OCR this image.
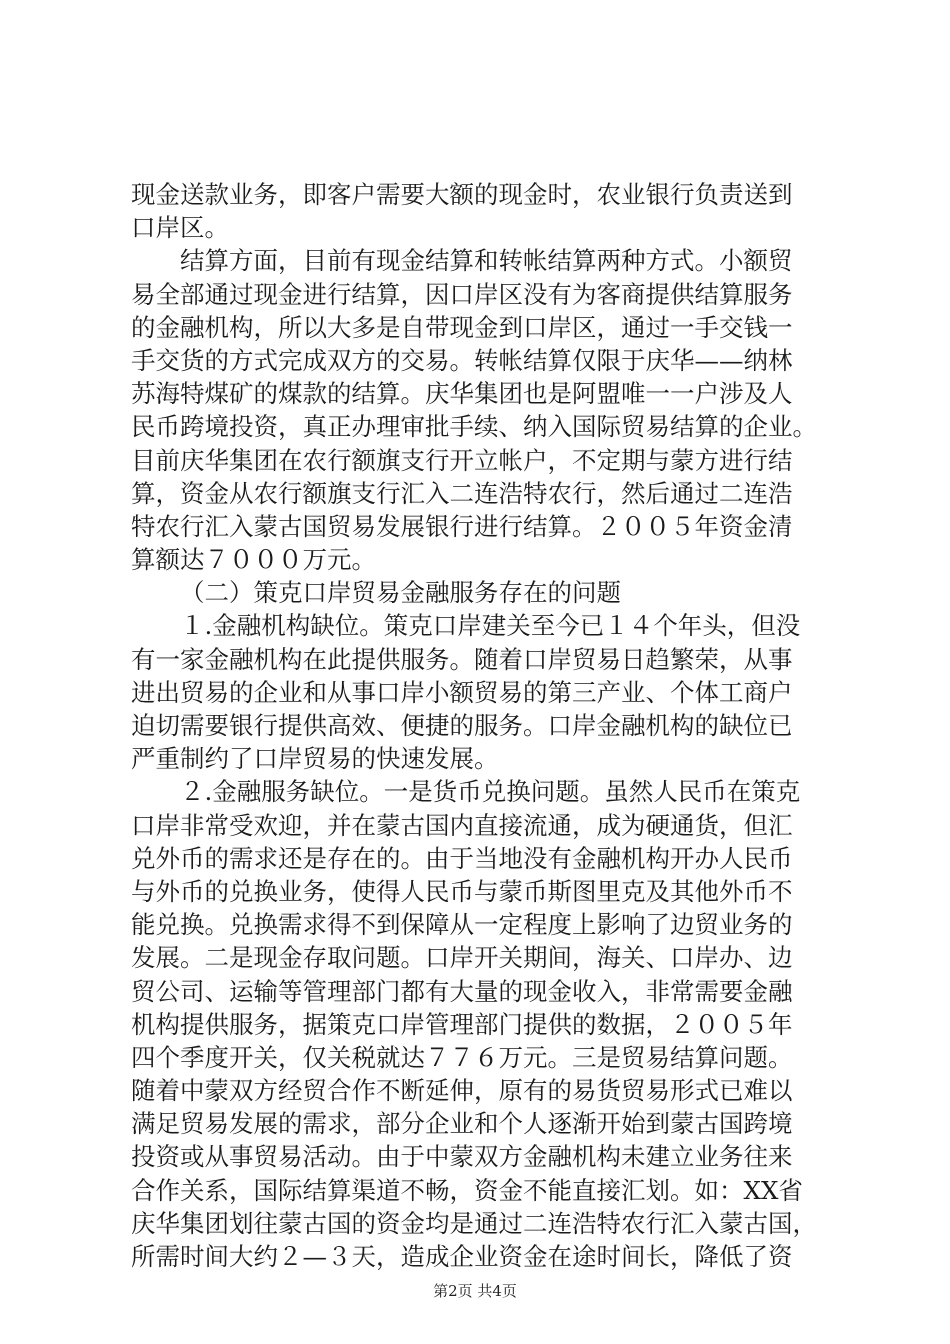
现金送款业务，即客户需要大额的现金时，农业银行负责送到
口岸区。
结算方面，目前有现金结算和转帐结算两种方式。小额贸
易全部通过现金进行结算，因口岸区没有为客商提供结算服务
的金融机构，所以大多是自带现金到口岸区，通过一手交钱一
手交货的方式完成双方的交易。转帐结算仅限于庆华——纳林
苏海特煤矿的煤款的结算。庆华集团也是阿盟唯一一户涉及人
民币跨境投资，真正办理审批手续、纳入国际贸易结算的企业。
目前庆华集团在农行额旗支行开立帐户，不定期与蒙方进行结
算，资金从农行额旗支行汇入二连浩特农行，然后通过二连浩
特农行汇入蒙古国贸易发展银行进行结算。２００５年资金清
算额达７０００万元。
（二）策克口岸贸易金融服务存在的问题
１.金融机构缺位。策克口岸建关至今已１４个年头，但没
有一家金融机构在此提供服务。随着口岸贸易日趋繁荣，从事
进出贸易的企业和从事口岸小额贸易的第三产业、个体工商户
迫切需要银行提供高效、便捷的服务。口岸金融机构的缺位已
严重制约了口岸贸易的快速发展。
２.金融服务缺位。一是货币兑换问题。虽然人民币在策克
口岸非常受欢迎，并在蒙古国内直接流通，成为硬通货，但汇
兑外币的需求还是存在的。由于当地没有金融机构开办人民币
与外币的兑换业务，使得人民币与蒙币斯图里克及其他外币不
能兑换。兑换需求得不到保障从一定程度上影响了边贸业务的
发展。二是现金存取问题。口岸开关期间，海关、口岸办、边
贸公司、运输等管理部门都有大量的现金收入，非常需要金融
机构提供服务，据策克口岸管理部门提供的数据，２００５年
四个季度开关，仅关税就达７７６万元。三是贸易结算问题。
随着中蒙双方经贸合作不断延伸，原有的易货贸易形式已难以
满足贸易发展的需求，部分企业和个人逐渐开始到蒙古国跨境
投资或从事贸易活动。由于中蒙双方金融机构未建立业务往来
合作关系，国际结算渠道不畅，资金不能直接汇划。如：XX省
庆华集团划往蒙古国的资金均是通过二连浩特农行汇入蒙古国，
所需时间大约２—３天，造成企业资金在途时间长，降低了资
第2页 共4页
